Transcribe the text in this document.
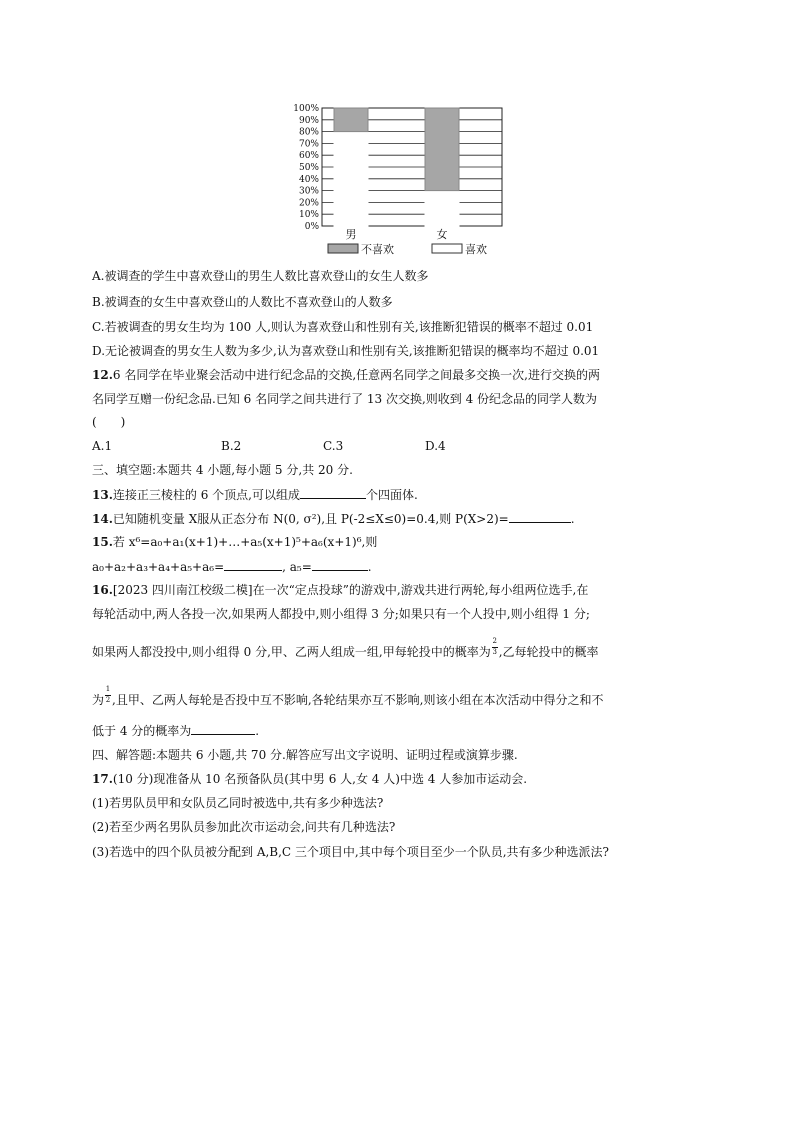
0%
10%
20%
30%
40%
50%
60%
70%
80%
90%
100%
男	女
不喜欢	喜欢
A.被调查的学生中喜欢登山的男生人数比喜欢登山的女生人数多
B.被调查的女生中喜欢登山的人数比不喜欢登山的人数多
C.若被调查的男女生均为 100 人,则认为喜欢登山和性别有关,该推断犯错误的概率不超过 0.01
D.无论被调查的男女生人数为多少,认为喜欢登山和性别有关,该推断犯错误的概率均不超过 0.01
12.6 名同学在毕业聚会活动中进行纪念品的交换,任意两名同学之间最多交换一次,进行交换的两
名同学互赠一份纪念品.已知 6 名同学之间共进行了 13 次交换,则收到 4 份纪念品的同学人数为
(　　)
A.1	B.2	C.3	D.4
三、填空题:本题共 4 小题,每小题 5 分,共 20 分.
13.连接正三棱柱的 6 个顶点,可以组成	个四面体.
14.已知随机变量 X服从正态分布 N(0, σ²),且 P(-2≤X≤0)=0.4,则 P(X>2)=	.
15.若 x⁶=a₀+a₁(x+1)+…+a₅(x+1)⁵+a₆(x+1)⁶,则
a₀+a₂+a₃+a₄+a₅+a₆=	, a₅=	.
16.[2023 四川南江校级二模]在一次“定点投球”的游戏中,游戏共进行两轮,每小组两位选手,在
每轮活动中,两人各投一次,如果两人都投中,则小组得 3 分;如果只有一个人投中,则小组得 1 分;
如果两人都没投中,则小组得 0 分,甲、乙两人组成一组,甲每轮投中的概率为 $\frac{2}{3}$ ,乙每轮投中的概率
为 $\frac{1}{2}$ ,且甲、乙两人每轮是否投中互不影响,各轮结果亦互不影响,则该小组在本次活动中得分之和不
低于 4 分的概率为	.
四、解答题:本题共 6 小题,共 70 分.解答应写出文字说明、证明过程或演算步骤.
17.(10 分)现准备从 10 名预备队员(其中男 6 人,女 4 人)中选 4 人参加市运动会.
(1)若男队员甲和女队员乙同时被选中,共有多少种选法?
(2)若至少两名男队员参加此次市运动会,问共有几种选法?
(3)若选中的四个队员被分配到 A,B,C 三个项目中,其中每个项目至少一个队员,共有多少种选派法?
